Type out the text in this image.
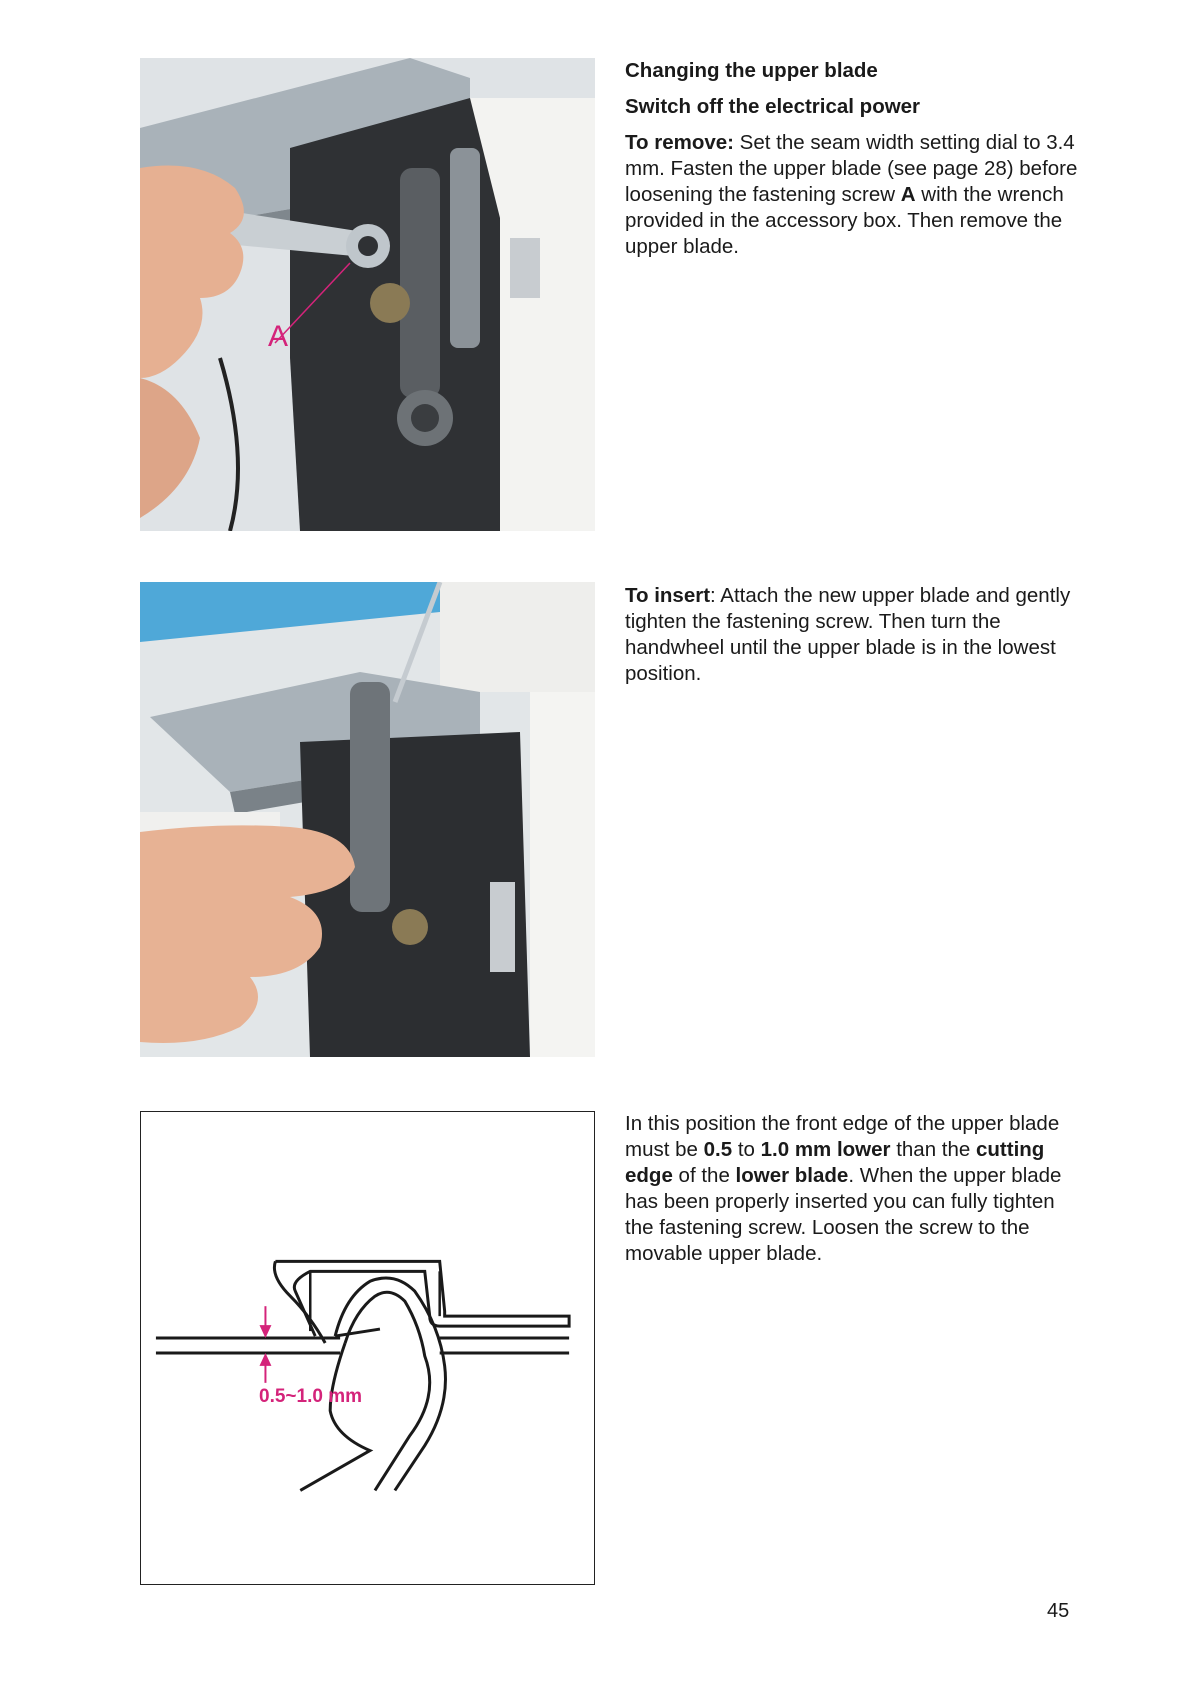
A

Changing the upper blade

Switch off the electrical power

To remove: Set the seam width setting dial to 3.4 mm. Fasten the upper blade (see page 28) before loosening the fastening screw A with the wrench provided in the accessory box. Then remove the upper blade.

To insert: Attach the new upper blade and gently tighten the fastening screw. Then turn the handwheel until the upper blade is in the lowest position.

0.5~1.0 mm

In this position the front edge of the upper blade must be 0.5 to 1.0 mm lower than the cutting edge of the lower blade. When the upper blade has been properly inserted you can fully tighten the fastening screw. Loosen the screw to the movable upper blade.

45
